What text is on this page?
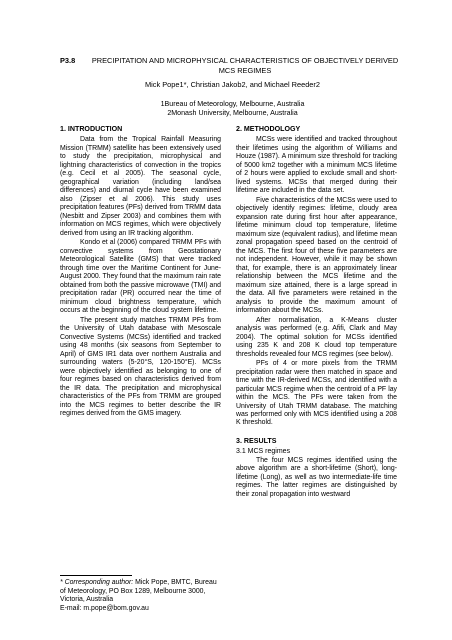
P3.8	PRECIPITATION AND MICROPHYSICAL CHARACTERISTICS OF OBJECTIVELY DERIVED MCS REGIMES
Mick Pope1*, Christian Jakob2, and Michael Reeder2
1Bureau of Meteorology, Melbourne, Australia
2Monash University, Melbourne, Australia
1. INTRODUCTION

Data from the Tropical Rainfall Measuring Mission (TRMM) satellite has been extensively used to study the precipitation, microphysical and lightning characteristics of convection in the tropics (e.g. Cecil et al 2005). The seasonal cycle, geographical variation (including land/sea differences) and diurnal cycle have been examined also (Zipser et al 2006). This study uses precipitation features (PFs) derived from TRMM data (Nesbitt and Zipser 2003) and combines them with information on MCS regimes, which were objectively derived from using an IR tracking algorithm.

Kondo et al (2006) compared TRMM PFs with convective systems from Geostationary Meteorological Satellite (GMS) that were tracked through time over the Maritime Continent for June-August 2000. They found that the maximum rain rate obtained from both the passive microwave (TMI) and precipitation radar (PR) occurred near the time of minimum cloud brightness temperature, which occurs at the beginning of the cloud system lifetime.

The present study matches TRMM PFs from the University of Utah database with Mesoscale Convective Systems (MCSs) identified and tracked using 48 months (six seasons from September to April) of GMS IR1 data over northern Australia and surrounding waters (5-20°S, 120-150°E). MCSs were objectively identified as belonging to one of four regimes based on characteristics derived from the IR data. The precipitation and microphysical characteristics of the PFs from TRMM are grouped into the MCS regimes to better describe the IR regimes derived from the GMS imagery.

* Corresponding author: Mick Pope, BMTC, Bureau of Meteorology, PO Box 1289, Melbourne 3000, Victoria, Australia

E-mail: m.pope@bom.gov.au

2. METHODOLOGY

MCSs were identified and tracked throughout their lifetimes using the algorithm of Williams and Houze (1987). A minimum size threshold for tracking of 5000 km2 together with a minimum MCS lifetime of 2 hours were applied to exclude small and short-lived systems. MCSs that merged during their lifetime are included in the data set.

Five characteristics of the MCSs were used to objectively identify regimes: lifetime, cloudy area expansion rate during first hour after appearance, lifetime minimum cloud top temperature, lifetime maximum size (equivalent radius), and lifetime mean zonal propagation speed based on the centroid of the MCS. The first four of these five parameters are not independent. However, while it may be shown that, for example, there is an approximately linear relationship between the MCS lifetime and the maximum size attained, there is a large spread in the data. All five parameters were retained in the analysis to provide the maximum amount of information about the MCSs.

After normalisation, a K-Means cluster analysis was performed (e.g. Afifi, Clark and May 2004). The optimal solution for MCSs identified using 235 K and 208 K cloud top temperature thresholds revealed four MCS regimes (see below).

PFs of 4 or more pixels from the TRMM precipitation radar were then matched in space and time with the IR-derived MCSs, and identified with a particular MCS regime when the centroid of a PF lay within the MCS. The PFs were taken from the University of Utah TRMM database. The matching was performed only with MCS identified using a 208 K threshold.

3. RESULTS
3.1 MCS regimes

The four MCS regimes identified using the above algorithm are a short-lifetime (Short), long-lifetime (Long), as well as two intermediate-life time regimes. The latter regimes are distinguished by their zonal propagation into westward
